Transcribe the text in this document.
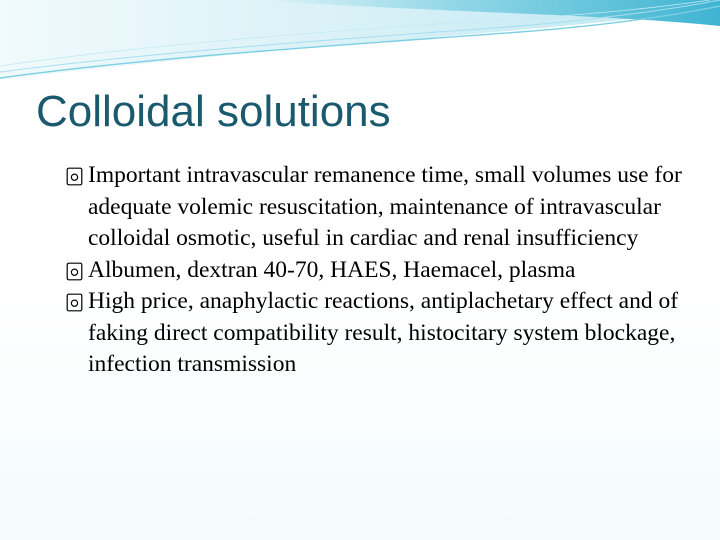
Colloidal solutions
Important intravascular remanence time, small volumes use for adequate volemic resuscitation, maintenance of intravascular colloidal osmotic, useful in cardiac and renal insufficiency
Albumen, dextran 40-70, HAES, Haemacel, plasma
High price, anaphylactic reactions, antiplachetary effect and of faking direct compatibility result, histocitary system blockage, infection transmission
